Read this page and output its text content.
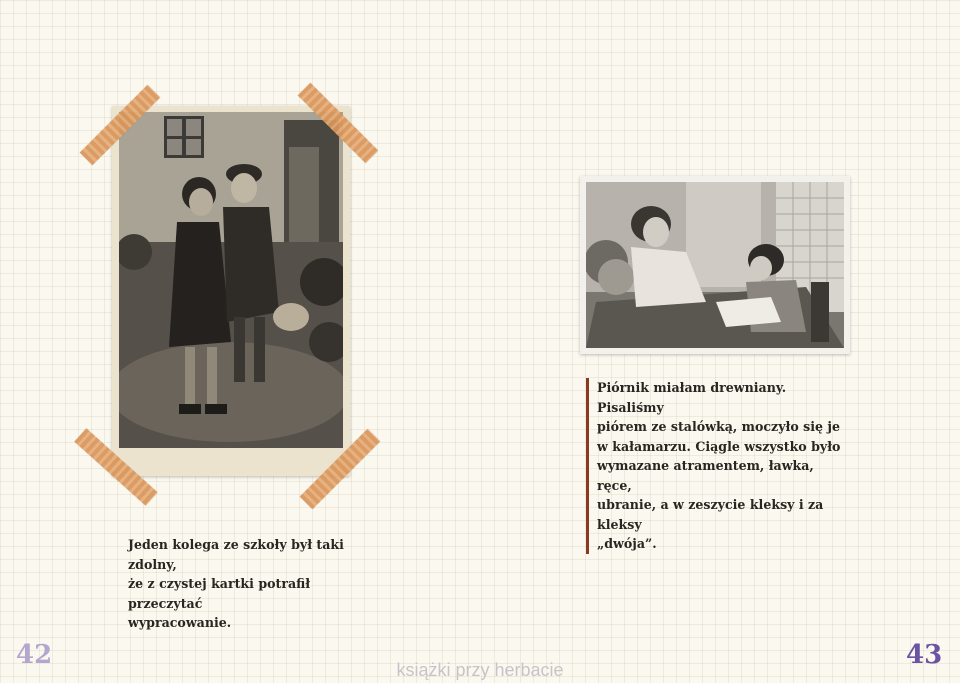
Jeden kolega ze szkoły był taki zdolny,

że z czystej kartki potrafił przeczytać

wypracowanie.

Piórnik miałam drewniany. Pisaliśmy

piórem ze stalówką, moczyło się je

w kałamarzu. Ciągle wszystko było

wymazane atramentem, ławka, ręce,

ubranie, a w zeszycie kleksy i za kleksy

„dwója”.

42	43
książki przy herbacie
